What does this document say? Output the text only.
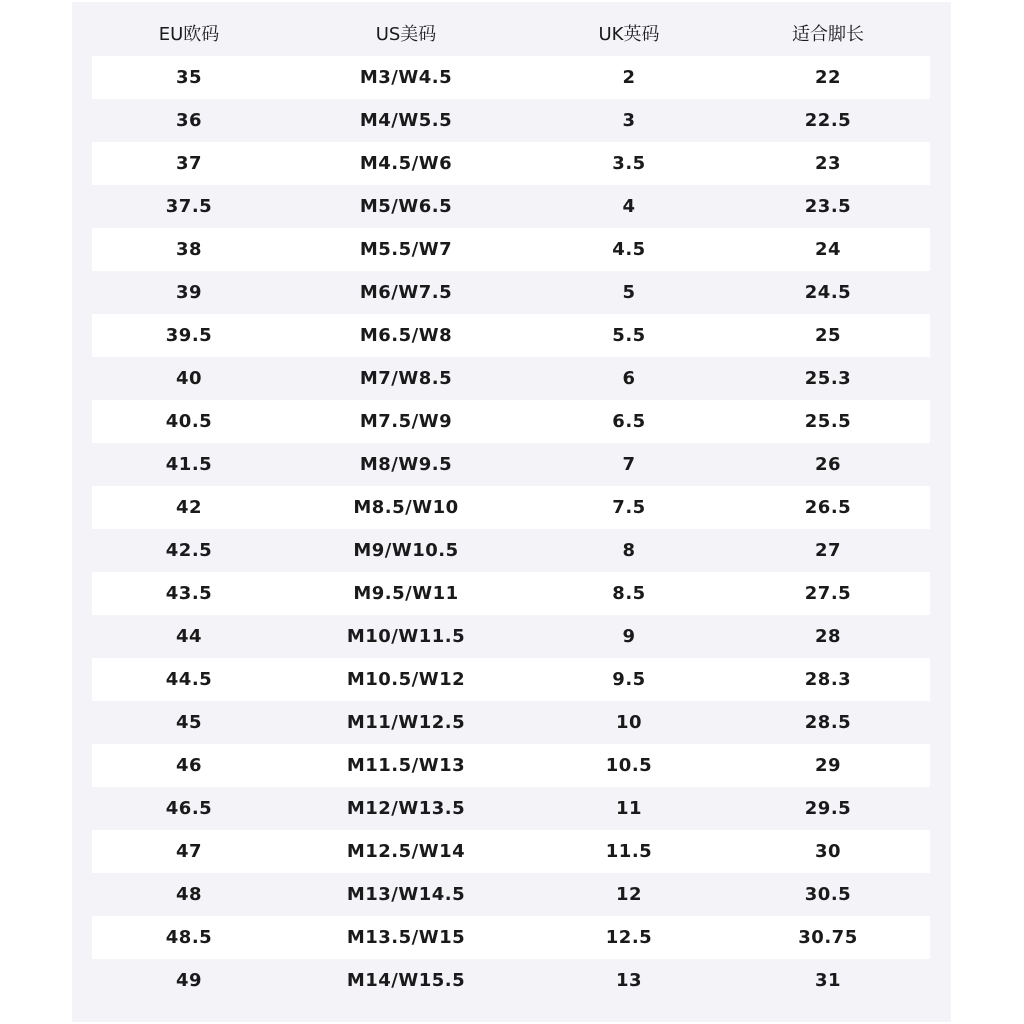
EU欧码	US美码	UK英码	适合脚长
35	M3/W4.5	2	22
36	M4/W5.5	3	22.5
37	M4.5/W6	3.5	23
37.5	M5/W6.5	4	23.5
38	M5.5/W7	4.5	24
39	M6/W7.5	5	24.5
39.5	M6.5/W8	5.5	25
40	M7/W8.5	6	25.3
40.5	M7.5/W9	6.5	25.5
41.5	M8/W9.5	7	26
42	M8.5/W10	7.5	26.5
42.5	M9/W10.5	8	27
43.5	M9.5/W11	8.5	27.5
44	M10/W11.5	9	28
44.5	M10.5/W12	9.5	28.3
45	M11/W12.5	10	28.5
46	M11.5/W13	10.5	29
46.5	M12/W13.5	11	29.5
47	M12.5/W14	11.5	30
48	M13/W14.5	12	30.5
48.5	M13.5/W15	12.5	30.75
49	M14/W15.5	13	31
